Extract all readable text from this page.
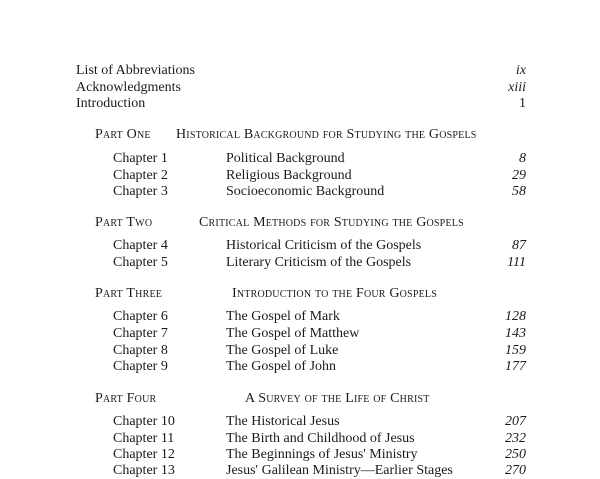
List of Abbreviations	ix
Acknowledgments	xiii
Introduction	1
Part One Historical Background for Studying the Gospels
Chapter 1	Political Background	8
Chapter 2	Religious Background	29
Chapter 3	Socioeconomic Background	58
Part Two	Critical Methods for Studying the Gospels
Chapter 4	Historical Criticism of the Gospels	87
Chapter 5	Literary Criticism of the Gospels	111
Part Three	Introduction to the Four Gospels
Chapter 6	The Gospel of Mark	128
Chapter 7	The Gospel of Matthew	143
Chapter 8	The Gospel of Luke	159
Chapter 9	The Gospel of John	177
Part Four	A Survey of the Life of Christ
Chapter 10	The Historical Jesus	207
Chapter 11	The Birth and Childhood of Jesus	232
Chapter 12	The Beginnings of Jesus' Ministry	250
Chapter 13	Jesus' Galilean Ministry—Earlier Stages	270
